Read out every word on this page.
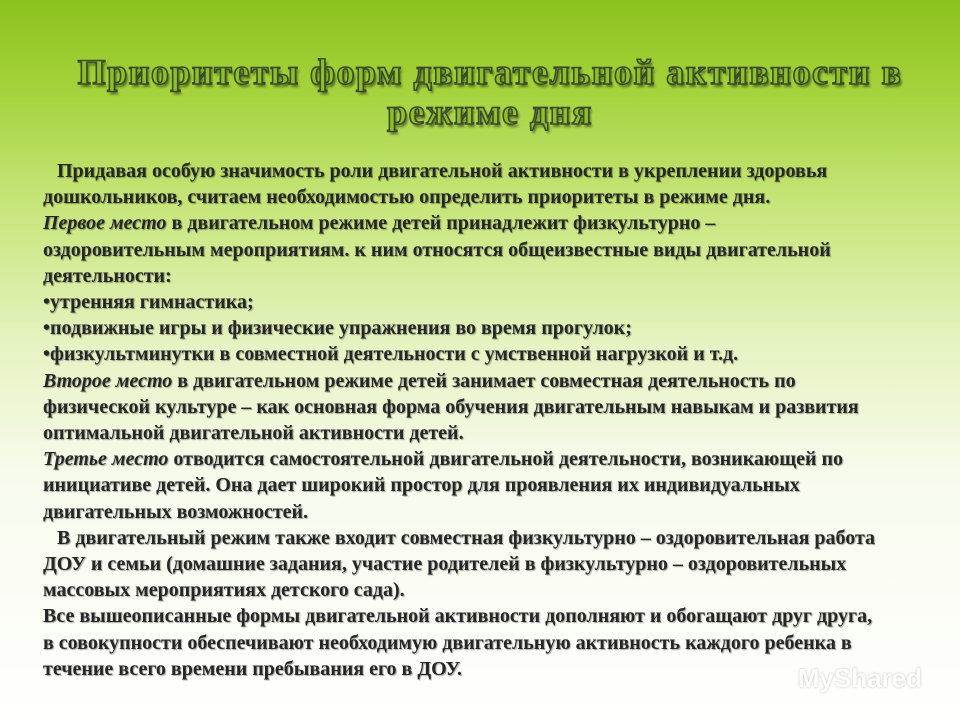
Приоритеты форм двигательной активности в
режиме дня

Придавая особую значимость роли двигательной активности в укреплении здоровья

дошкольников, считаем необходимостью определить приоритеты в режиме дня.

Первое место в двигательном режиме детей принадлежит физкультурно –

оздоровительным мероприятиям. к ним относятся общеизвестные виды двигательной

деятельности:

•утренняя гимнастика;

•подвижные игры и физические упражнения во время прогулок;

•физкультминутки в совместной деятельности с умственной нагрузкой и т.д.

Второе место в двигательном режиме детей занимает совместная деятельность по

физической культуре – как основная форма обучения двигательным навыкам и развития

оптимальной двигательной активности детей.

Третье место отводится самостоятельной двигательной деятельности, возникающей по

инициативе детей. Она дает широкий простор для проявления их индивидуальных

двигательных возможностей.

В двигательный режим также входит совместная физкультурно – оздоровительная работа

ДОУ и семьи (домашние задания, участие родителей в физкультурно – оздоровительных

массовых мероприятиях детского сада).

Все вышеописанные формы двигательной активности дополняют и обогащают друг друга,

в совокупности обеспечивают необходимую двигательную активность каждого ребенка в

течение всего времени пребывания его в ДОУ.	MyShared
